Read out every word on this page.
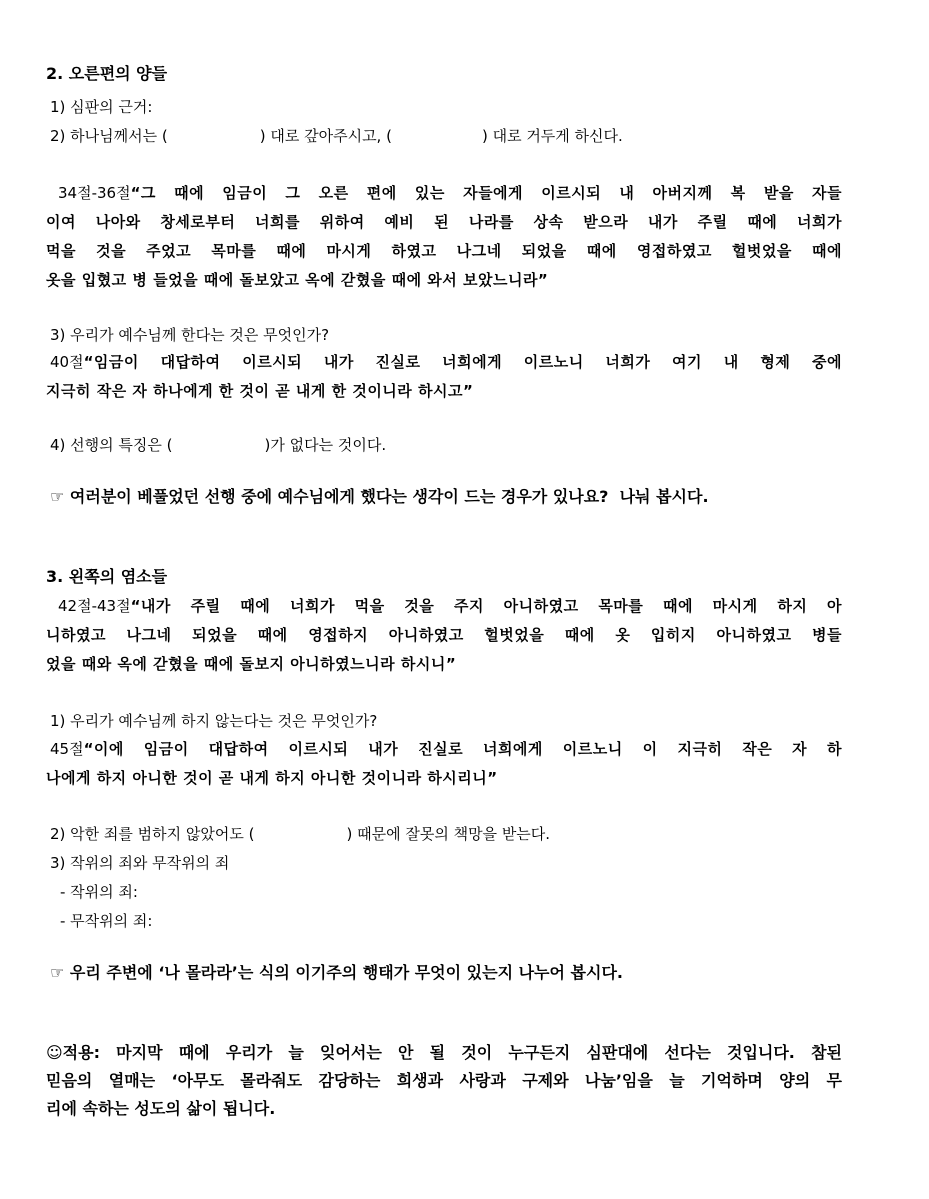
2. 오른편의 양들
1) 심판의 근거:
2) 하나님께서는 (	) 대로 갚아주시고, (	) 대로 거두게 하신다.
34절-36절“그 때에 임금이 그 오른 편에 있는 자들에게 이르시되 내 아버지께 복 받을 자들
이여 나아와 창세로부터 너희를 위하여 예비 된 나라를 상속 받으라 내가 주릴 때에 너희가
먹을 것을 주었고 목마를 때에 마시게 하였고 나그네 되었을 때에 영접하였고 헐벗었을 때에
옷을 입혔고 병 들었을 때에 돌보았고 옥에 갇혔을 때에 와서 보았느니라”
3) 우리가 예수님께 한다는 것은 무엇인가?
40절“임금이 대답하여 이르시되 내가 진실로 너희에게 이르노니 너희가 여기 내 형제 중에
지극히 작은 자 하나에게 한 것이 곧 내게 한 것이니라 하시고”
4) 선행의 특징은 (	)가 없다는 것이다.
☞ 여러분이 베풀었던 선행 중에 예수님에게 했다는 생각이 드는 경우가 있나요?  나눠 봅시다.
3. 왼쪽의 염소들
42절-43절“내가 주릴 때에 너희가 먹을 것을 주지 아니하였고 목마를 때에 마시게 하지 아
니하였고 나그네 되었을 때에 영접하지 아니하였고 헐벗었을 때에 옷 입히지 아니하였고 병들
었을 때와 옥에 갇혔을 때에 돌보지 아니하였느니라 하시니”
1) 우리가 예수님께 하지 않는다는 것은 무엇인가?
45절“이에 임금이 대답하여 이르시되 내가 진실로 너희에게 이르노니 이 지극히 작은 자 하
나에게 하지 아니한 것이 곧 내게 하지 아니한 것이니라 하시리니”
2) 악한 죄를 범하지 않았어도 (	) 때문에 잘못의 책망을 받는다.
3) 작위의 죄와 무작위의 죄
- 작위의 죄:
- 무작위의 죄:
☞ 우리 주변에 ‘나 몰라라’는 식의 이기주의 행태가 무엇이 있는지 나누어 봅시다.
☺적용: 마지막 때에 우리가 늘 잊어서는 안 될 것이 누구든지 심판대에 선다는 것입니다. 참된
믿음의 열매는 ‘아무도 몰라줘도 감당하는 희생과 사랑과 구제와 나눔’임을 늘 기억하며 양의 무
리에 속하는 성도의 삶이 됩니다.
